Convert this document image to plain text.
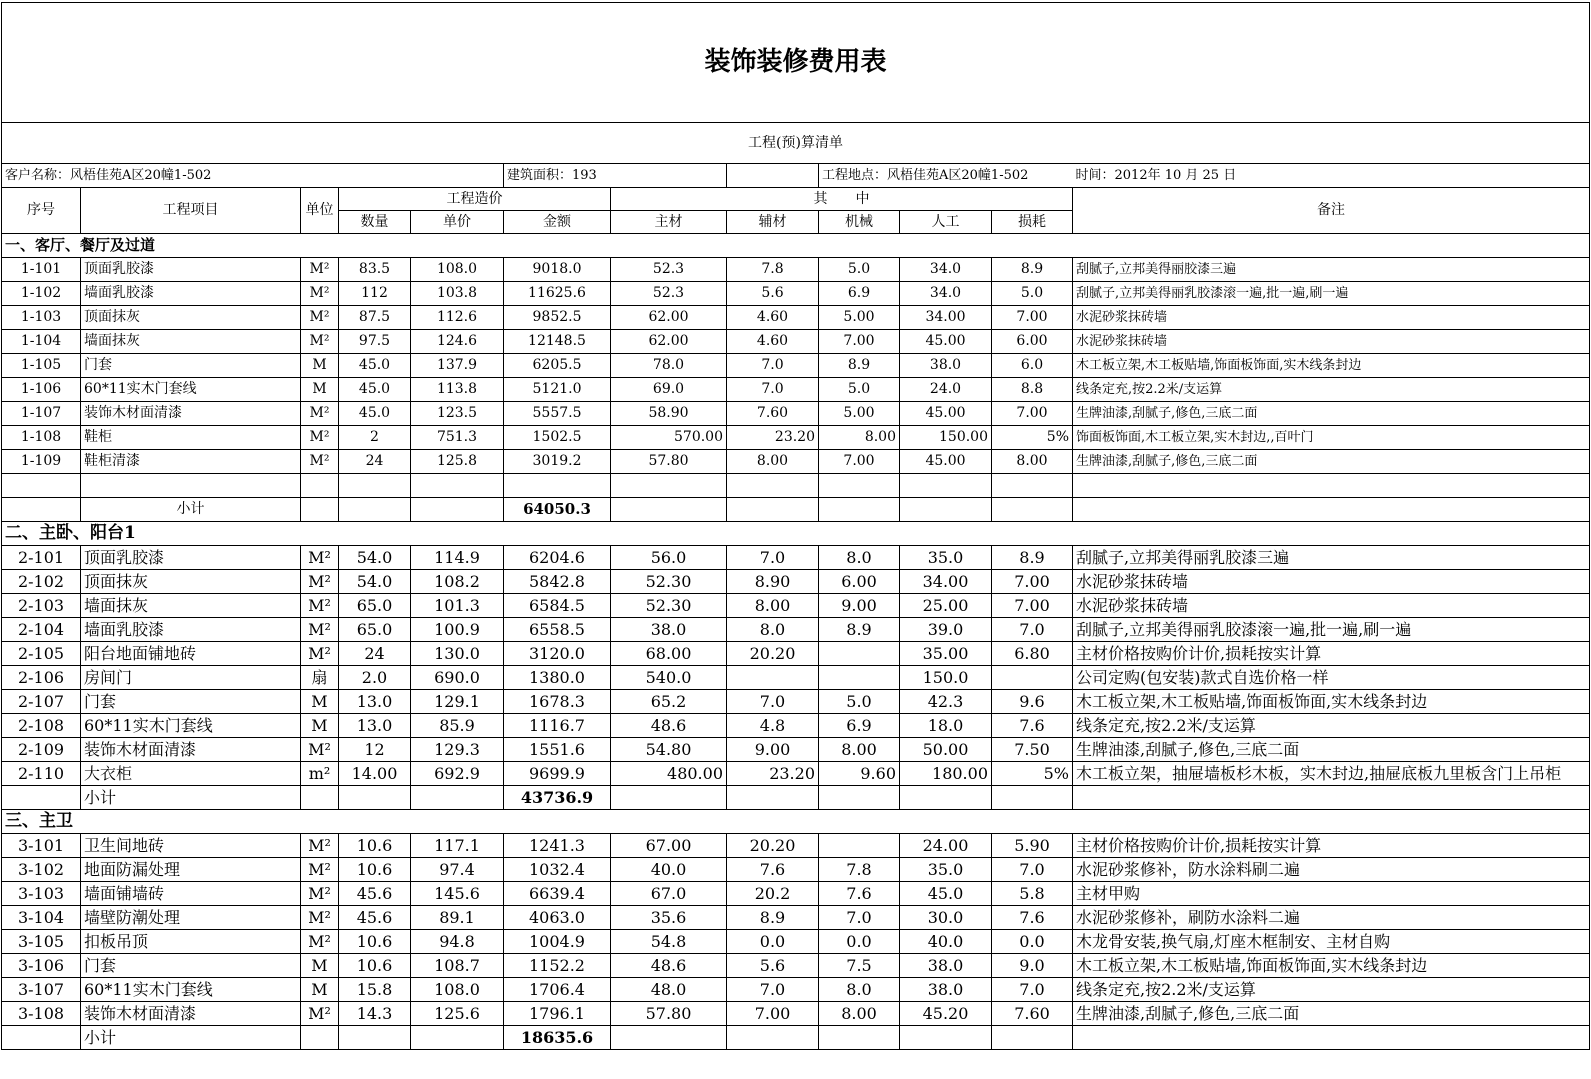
装饰装修费用表											
工程(预)算清单											
客户名称：风梧佳苑A区20幢1-502					建筑面积：193			工程地点：风梧佳苑A区20幢1-502			时间：2012年 10 月 25 日
序号	工程项目	单位	工程造价			其　　中					备注
			数量	单价	金额	主材	辅材	机械	人工	损耗	
一、客厅、餐厅及过道											
1-101	顶面乳胶漆	M²	83.5	108.0	9018.0	52.3	7.8	5.0	34.0	8.9	刮腻子,立邦美得丽胶漆三遍
1-102	墙面乳胶漆	M²	112	103.8	11625.6	52.3	5.6	6.9	34.0	5.0	刮腻子,立邦美得丽乳胶漆滚一遍,批一遍,刷一遍
1-103	顶面抹灰	M²	87.5	112.6	9852.5	62.00	4.60	5.00	34.00	7.00	水泥砂浆抹砖墙
1-104	墙面抹灰	M²	97.5	124.6	12148.5	62.00	4.60	7.00	45.00	6.00	水泥砂浆抹砖墙
1-105	门套	M	45.0	137.9	6205.5	78.0	7.0	8.9	38.0	6.0	木工板立架,木工板贴墙,饰面板饰面,实木线条封边
1-106	60*11实木门套线	M	45.0	113.8	5121.0	69.0	7.0	5.0	24.0	8.8	线条定充,按2.2米/支运算
1-107	装饰木材面清漆	M²	45.0	123.5	5557.5	58.90	7.60	5.00	45.00	7.00	生牌油漆,刮腻子,修色,三底二面
1-108	鞋柜	M²	2	751.3	1502.5	570.00	23.20	8.00	150.00	5%	饰面板饰面,木工板立架,实木封边,,百叶门
1-109	鞋柜清漆	M²	24	125.8	3019.2	57.80	8.00	7.00	45.00	8.00	生牌油漆,刮腻子,修色,三底二面

	小计				64050.3						
二、主卧、阳台1											
2-101	顶面乳胶漆	M²	54.0	114.9	6204.6	56.0	7.0	8.0	35.0	8.9	刮腻子,立邦美得丽乳胶漆三遍
2-102	顶面抹灰	M²	54.0	108.2	5842.8	52.30	8.90	6.00	34.00	7.00	水泥砂浆抹砖墙
2-103	墙面抹灰	M²	65.0	101.3	6584.5	52.30	8.00	9.00	25.00	7.00	水泥砂浆抹砖墙
2-104	墙面乳胶漆	M²	65.0	100.9	6558.5	38.0	8.0	8.9	39.0	7.0	刮腻子,立邦美得丽乳胶漆滚一遍,批一遍,刷一遍
2-105	阳台地面铺地砖	M²	24	130.0	3120.0	68.00	20.20		35.00	6.80	主材价格按购价计价,损耗按实计算
2-106	房间门	扇	2.0	690.0	1380.0	540.0			150.0		公司定购(包安装)款式自选价格一样
2-107	门套	M	13.0	129.1	1678.3	65.2	7.0	5.0	42.3	9.6	木工板立架,木工板贴墙,饰面板饰面,实木线条封边
2-108	60*11实木门套线	M	13.0	85.9	1116.7	48.6	4.8	6.9	18.0	7.6	线条定充,按2.2米/支运算
2-109	装饰木材面清漆	M²	12	129.3	1551.6	54.80	9.00	8.00	50.00	7.50	生牌油漆,刮腻子,修色,三底二面
2-110	大衣柜	m²	14.00	692.9	9699.9	480.00	23.20	9.60	180.00	5%	木工板立架，抽屉墙板杉木板，实木封边,抽屉底板九里板含门上吊柜
	小计				43736.9						
三、主卫											
3-101	卫生间地砖	M²	10.6	117.1	1241.3	67.00	20.20		24.00	5.90	主材价格按购价计价,损耗按实计算
3-102	地面防漏处理	M²	10.6	97.4	1032.4	40.0	7.6	7.8	35.0	7.0	水泥砂浆修补，防水涂料刷二遍
3-103	墙面铺墙砖	M²	45.6	145.6	6639.4	67.0	20.2	7.6	45.0	5.8	主材甲购
3-104	墙壁防潮处理	M²	45.6	89.1	4063.0	35.6	8.9	7.0	30.0	7.6	水泥砂浆修补，刷防水涂料二遍
3-105	扣板吊顶	M²	10.6	94.8	1004.9	54.8	0.0	0.0	40.0	0.0	木龙骨安装,换气扇,灯座木框制安、主材自购
3-106	门套	M	10.6	108.7	1152.2	48.6	5.6	7.5	38.0	9.0	木工板立架,木工板贴墙,饰面板饰面,实木线条封边
3-107	60*11实木门套线	M	15.8	108.0	1706.4	48.0	7.0	8.0	38.0	7.0	线条定充,按2.2米/支运算
3-108	装饰木材面清漆	M²	14.3	125.6	1796.1	57.80	7.00	8.00	45.20	7.60	生牌油漆,刮腻子,修色,三底二面
	小计				18635.6						
